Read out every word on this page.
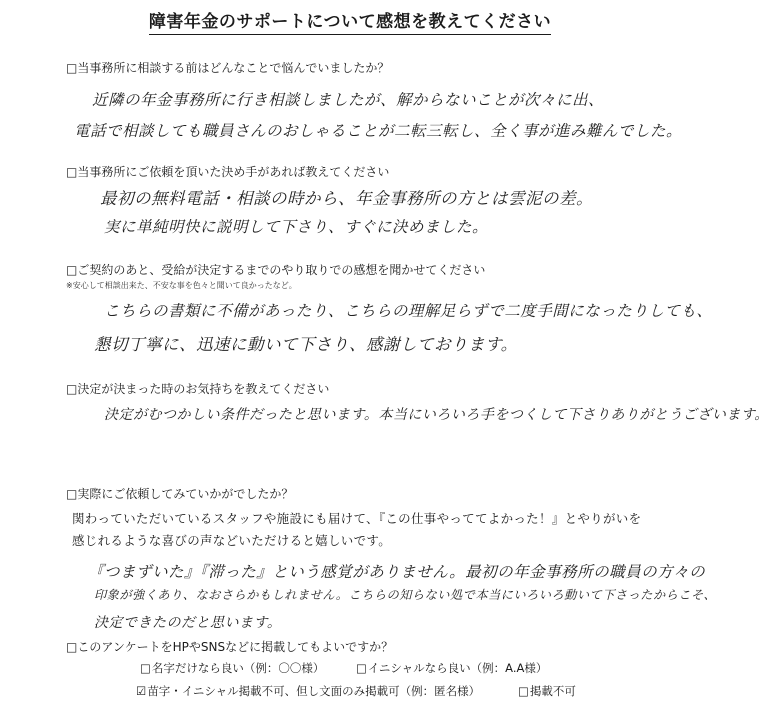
障害年金のサポートについて感想を教えてください
□当事務所に相談する前はどんなことで悩んでいましたか？
近隣の年金事務所に行き相談しましたが、解からないことが次々に出、
電話で相談しても職員さんのおしゃることが二転三転し、全く事が進み難んでした。
□当事務所にご依頼を頂いた決め手があれば教えてください
最初の無料電話・相談の時から、年金事務所の方とは雲泥の差。
実に単純明快に説明して下さり、すぐに決めました。
□ご契約のあと、受給が決定するまでのやり取りでの感想を聞かせてください
※安心して相談出来た、不安な事を色々と聞いて良かったなど。
こちらの書類に不備があったり、こちらの理解足らずで二度手間になったりしても、
懇切丁寧に、迅速に動いて下さり、感謝しております。
□決定が決まった時のお気持ちを教えてください
決定がむつかしい条件だったと思います。本当にいろいろ手をつくして下さりありがとうございます。
□実際にご依頼してみていかがでしたか？
関わっていただいているスタッフや施設にも届けて、『この仕事やっててよかった！』とやりがいを
感じれるような喜びの声などいただけると嬉しいです。
『つまずいた』『滞った』という感覚がありません。最初の年金事務所の職員の方々の
印象が強くあり、なおさらかもしれません。こちらの知らない処で本当にいろいろ動いて下さったからこそ、
決定できたのだと思います。
□このアンケートをHPやSNSなどに掲載してもよいですか？
□名字だけなら良い（例：〇〇様）	□イニシャルなら良い（例：A.A様）
☑苗字・イニシャル掲載不可、但し文面のみ掲載可（例：匿名様）	□掲載不可
